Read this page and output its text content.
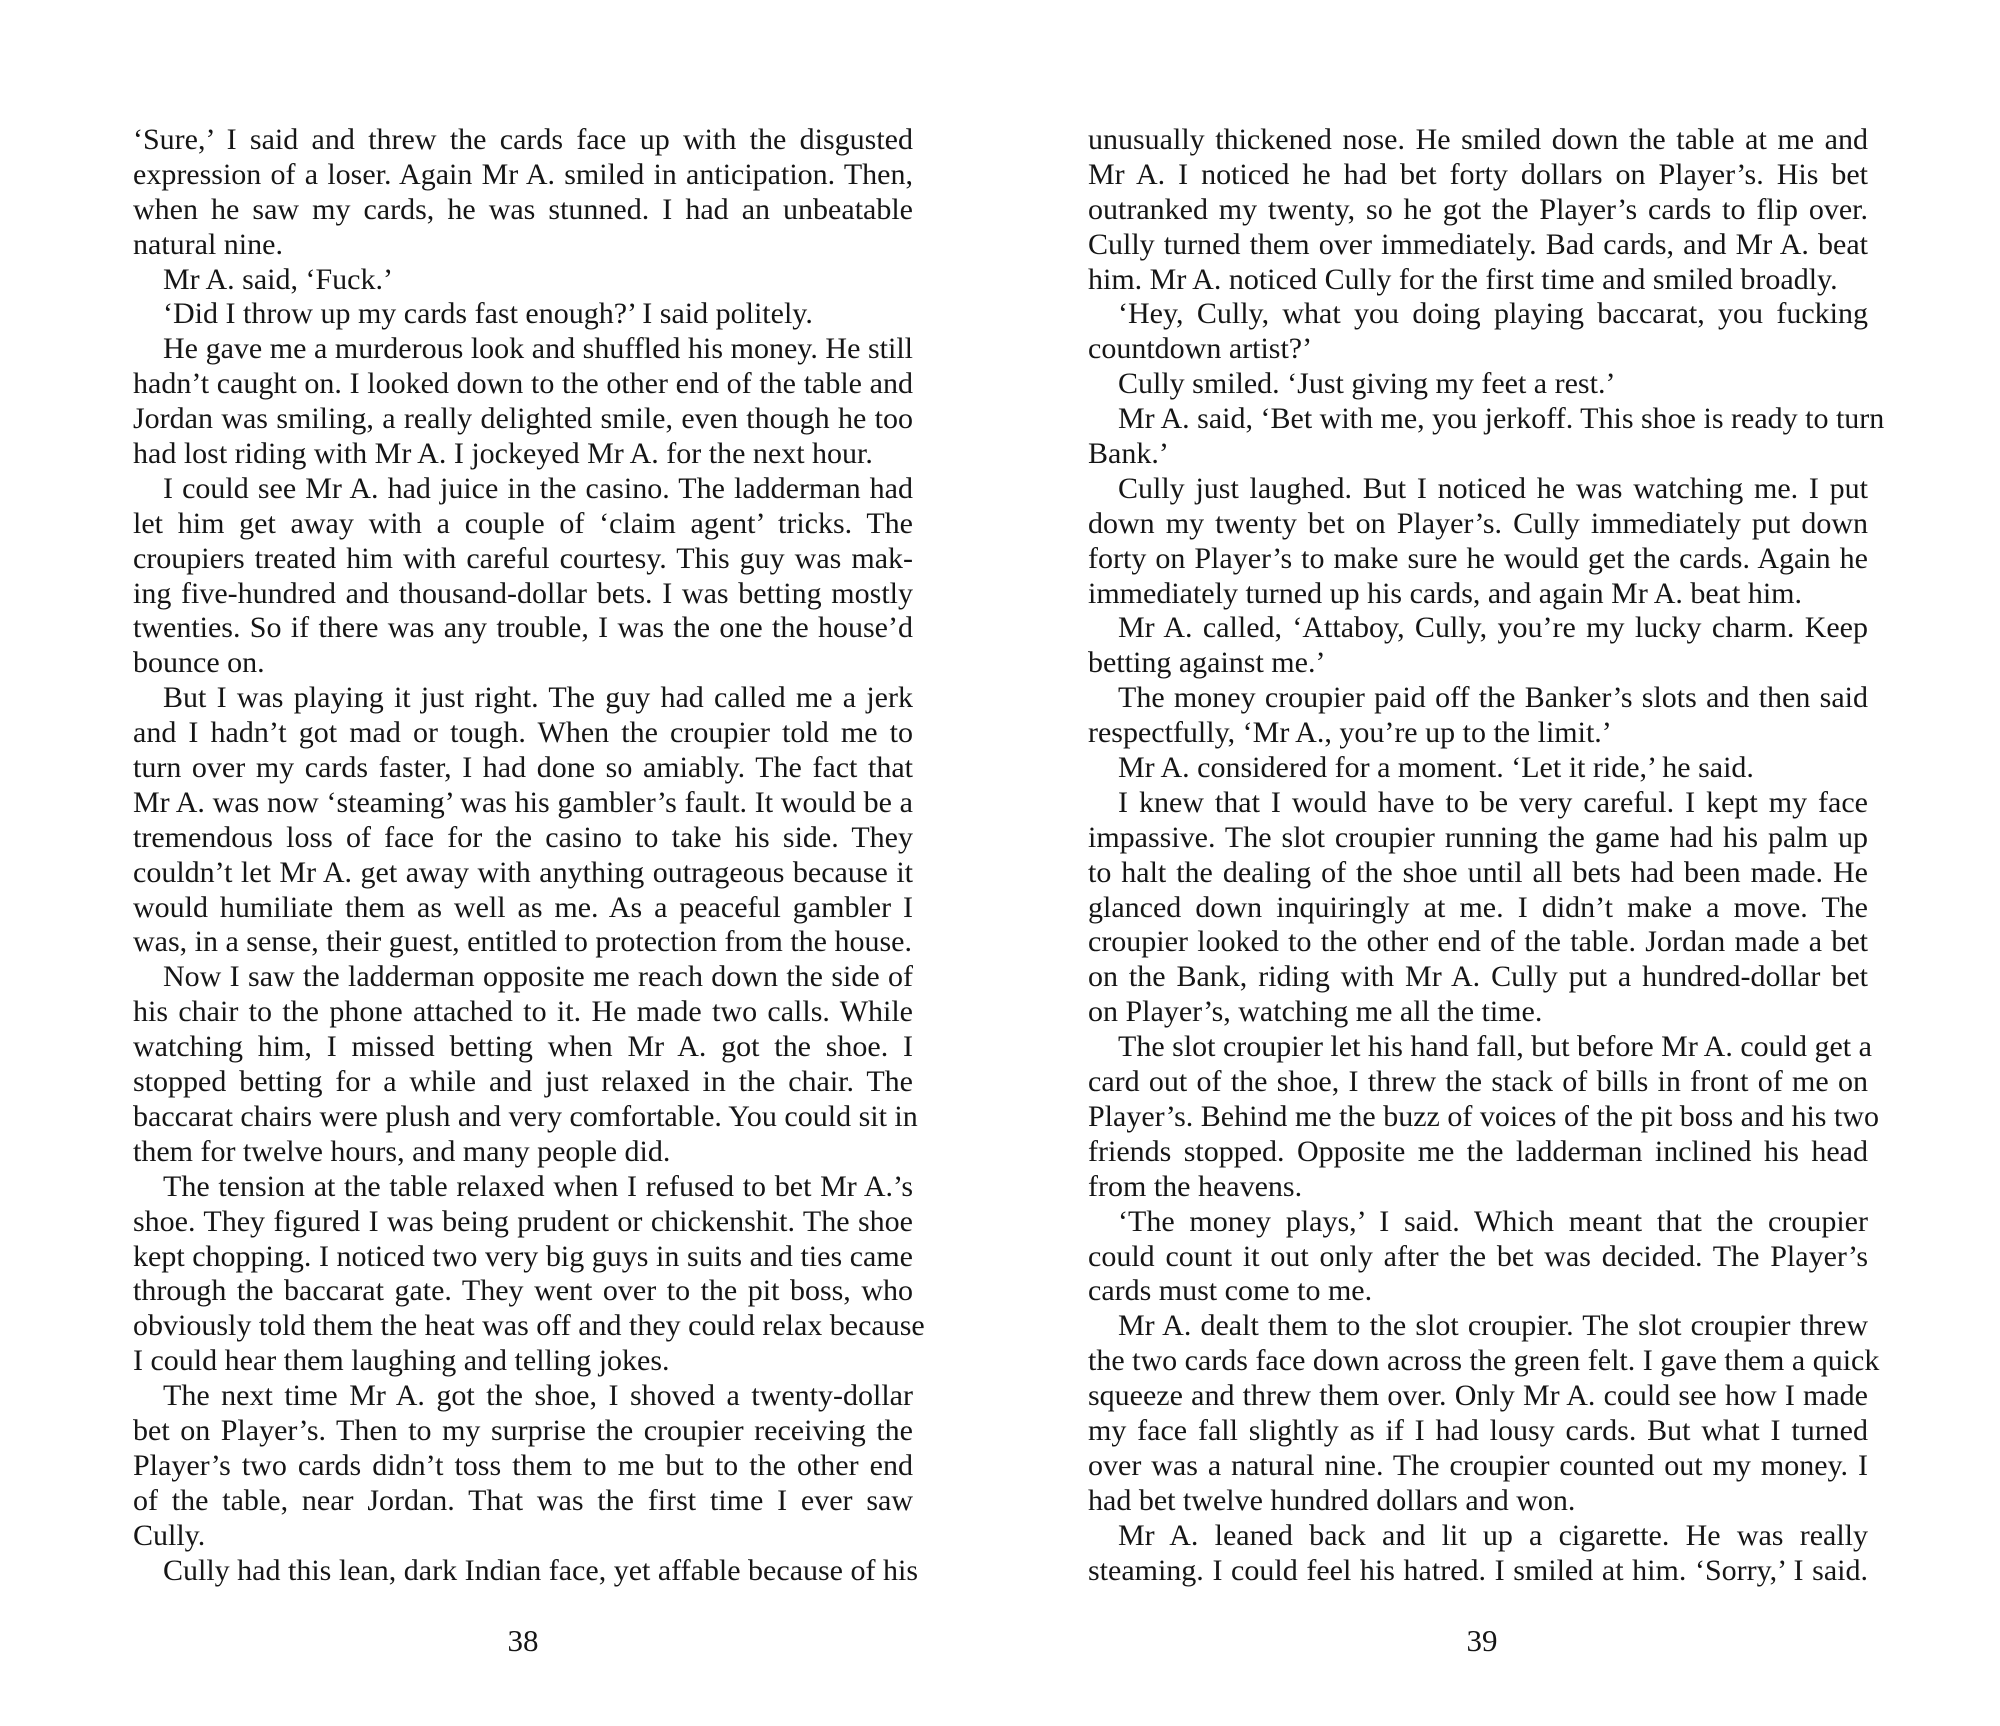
‘Sure,’ I said and threw the cards face up with the disgusted
expression of a loser. Again Mr A. smiled in anticipation. Then,
when he saw my cards, he was stunned. I had an unbeatable
natural nine.
Mr A. said, ‘Fuck.’
‘Did I throw up my cards fast enough?’ I said politely.
He gave me a murderous look and shuffled his money. He still
hadn’t caught on. I looked down to the other end of the table and
Jordan was smiling, a really delighted smile, even though he too
had lost riding with Mr A. I jockeyed Mr A. for the next hour.
I could see Mr A. had juice in the casino. The ladderman had
let him get away with a couple of ‘claim agent’ tricks. The
croupiers treated him with careful courtesy. This guy was mak-
ing five-hundred and thousand-dollar bets. I was betting mostly
twenties. So if there was any trouble, I was the one the house’d
bounce on.
But I was playing it just right. The guy had called me a jerk
and I hadn’t got mad or tough. When the croupier told me to
turn over my cards faster, I had done so amiably. The fact that
Mr A. was now ‘steaming’ was his gambler’s fault. It would be a
tremendous loss of face for the casino to take his side. They
couldn’t let Mr A. get away with anything outrageous because it
would humiliate them as well as me. As a peaceful gambler I
was, in a sense, their guest, entitled to protection from the house.
Now I saw the ladderman opposite me reach down the side of
his chair to the phone attached to it. He made two calls. While
watching him, I missed betting when Mr A. got the shoe. I
stopped betting for a while and just relaxed in the chair. The
baccarat chairs were plush and very comfortable. You could sit in
them for twelve hours, and many people did.
The tension at the table relaxed when I refused to bet Mr A.’s
shoe. They figured I was being prudent or chickenshit. The shoe
kept chopping. I noticed two very big guys in suits and ties came
through the baccarat gate. They went over to the pit boss, who
obviously told them the heat was off and they could relax because
I could hear them laughing and telling jokes.
The next time Mr A. got the shoe, I shoved a twenty-dollar
bet on Player’s. Then to my surprise the croupier receiving the
Player’s two cards didn’t toss them to me but to the other end
of the table, near Jordan. That was the first time I ever saw
Cully.
Cully had this lean, dark Indian face, yet affable because of his
38
unusually thickened nose. He smiled down the table at me and
Mr A. I noticed he had bet forty dollars on Player’s. His bet
outranked my twenty, so he got the Player’s cards to flip over.
Cully turned them over immediately. Bad cards, and Mr A. beat
him. Mr A. noticed Cully for the first time and smiled broadly.
‘Hey, Cully, what you doing playing baccarat, you fucking
countdown artist?’
Cully smiled. ‘Just giving my feet a rest.’
Mr A. said, ‘Bet with me, you jerkoff. This shoe is ready to turn
Bank.’
Cully just laughed. But I noticed he was watching me. I put
down my twenty bet on Player’s. Cully immediately put down
forty on Player’s to make sure he would get the cards. Again he
immediately turned up his cards, and again Mr A. beat him.
Mr A. called, ‘Attaboy, Cully, you’re my lucky charm. Keep
betting against me.’
The money croupier paid off the Banker’s slots and then said
respectfully, ‘Mr A., you’re up to the limit.’
Mr A. considered for a moment. ‘Let it ride,’ he said.
I knew that I would have to be very careful. I kept my face
impassive. The slot croupier running the game had his palm up
to halt the dealing of the shoe until all bets had been made. He
glanced down inquiringly at me. I didn’t make a move. The
croupier looked to the other end of the table. Jordan made a bet
on the Bank, riding with Mr A. Cully put a hundred-dollar bet
on Player’s, watching me all the time.
The slot croupier let his hand fall, but before Mr A. could get a
card out of the shoe, I threw the stack of bills in front of me on
Player’s. Behind me the buzz of voices of the pit boss and his two
friends stopped. Opposite me the ladderman inclined his head
from the heavens.
‘The money plays,’ I said. Which meant that the croupier
could count it out only after the bet was decided. The Player’s
cards must come to me.
Mr A. dealt them to the slot croupier. The slot croupier threw
the two cards face down across the green felt. I gave them a quick
squeeze and threw them over. Only Mr A. could see how I made
my face fall slightly as if I had lousy cards. But what I turned
over was a natural nine. The croupier counted out my money. I
had bet twelve hundred dollars and won.
Mr A. leaned back and lit up a cigarette. He was really
steaming. I could feel his hatred. I smiled at him. ‘Sorry,’ I said.
39
